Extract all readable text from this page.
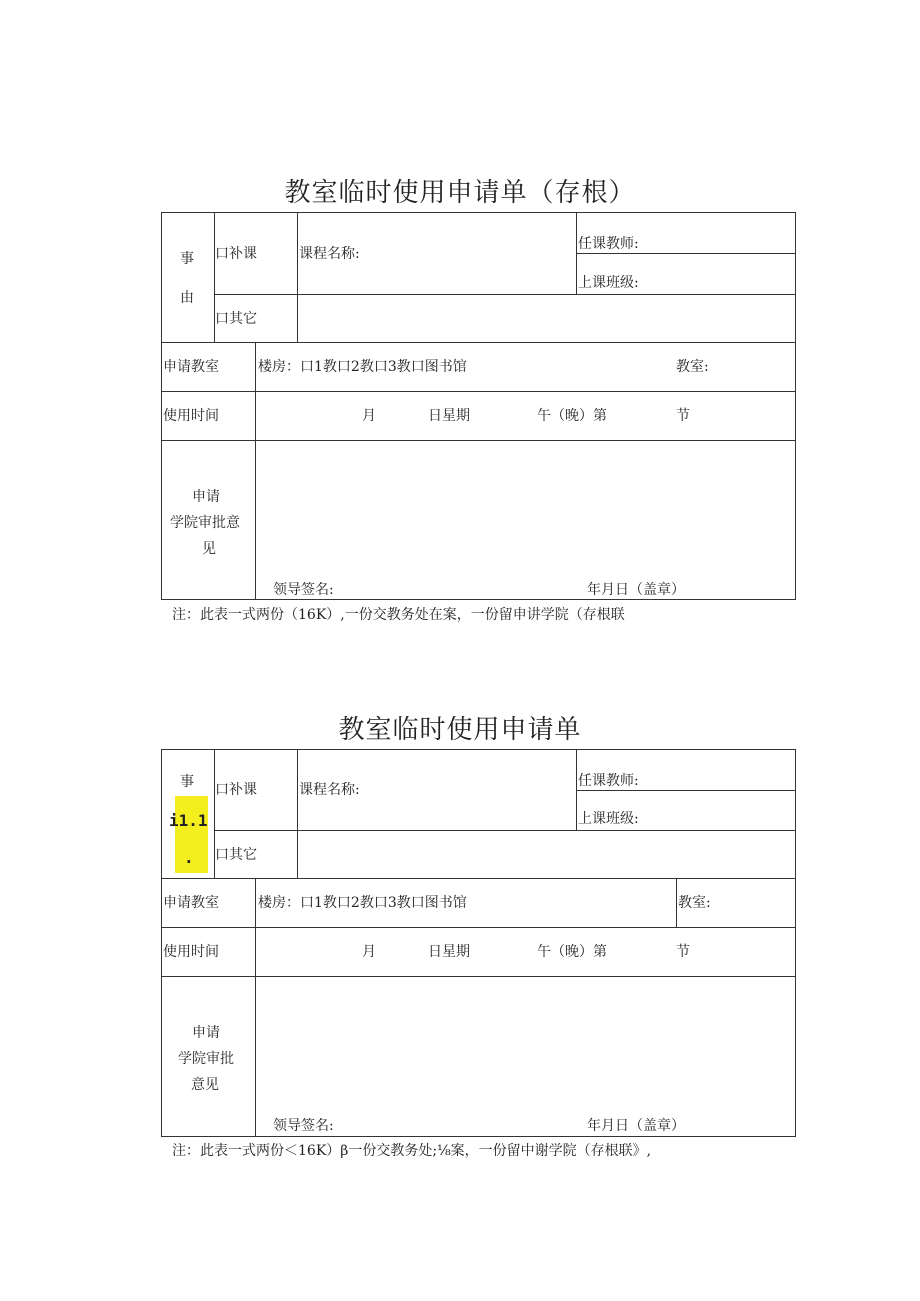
教室临时使用申请单（存根）
事
由
口补课	课程名称:
任课教师:
上课班级:
口其它
申请教室	楼房：口1教口2教口3教口图书馆	教室:
使用时间	月	日星期	午（晚）第	节
申请
学院审批意
见
领导签名:	年月日（盖章）
注：此表一式两份（16K）,一份交教务处在案，一份留申讲学院（存根联
教室临时使用申请单
事
i1.1
.
口补课	课程名称:
任课教师:
上课班级:
口其它
申请教室	楼房：口1教口2教口3教口图书馆	教室:
使用时间	月	日星期	午（晚）第	节
申请
学院审批
意见
领导签名:	年月日（盖章）
注：此表一式两份＜16K）β一份交教务处;⅛案，一份留中谢学院（存根联》,
